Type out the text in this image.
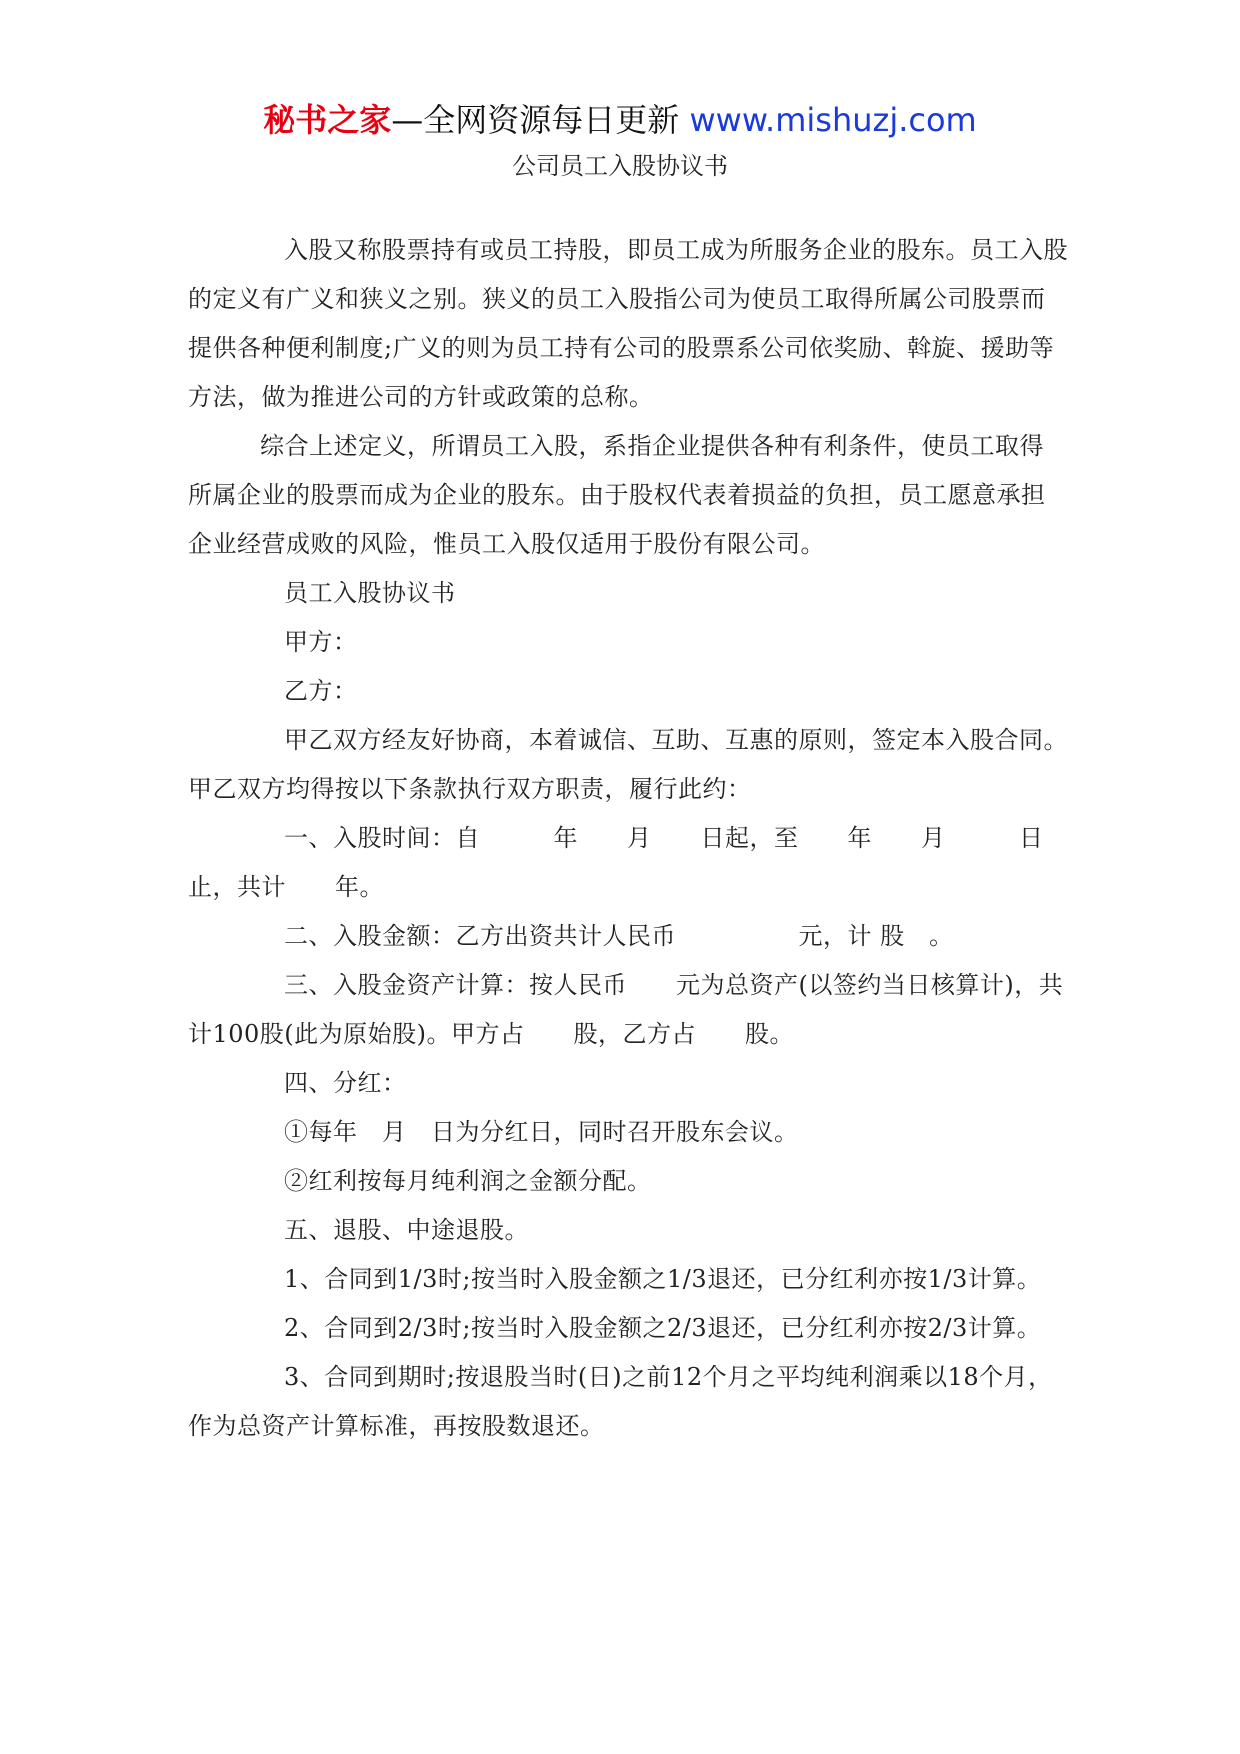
秘书之家—全网资源每日更新 www.mishuzj.com
公司员工入股协议书

入股又称股票持有或员工持股，即员工成为所服务企业的股东。员工入股的定义有广义和狭义之别。狭义的员工入股指公司为使员工取得所属公司股票而提供各种便利制度;广义的则为员工持有公司的股票系公司依奖励、斡旋、援助等方法，做为推进公司的方针或政策的总称。

综合上述定义，所谓员工入股，系指企业提供各种有利条件，使员工取得所属企业的股票而成为企业的股东。由于股权代表着损益的负担，员工愿意承担企业经营成败的风险，惟员工入股仅适用于股份有限公司。

员工入股协议书

甲方：

乙方：

甲乙双方经友好协商，本着诚信、互助、互惠的原则，签定本入股合同。甲乙双方均得按以下条款执行双方职责，履行此约：

一、入股时间：自　　　年　　月　　日起，至　　年　　月　　　日止，共计　　年。

二、入股金额：乙方出资共计人民币　　　　　元，计 股　。

三、入股金资产计算：按人民币　　元为总资产(以签约当日核算计)，共计100股(此为原始股)。甲方占　　股，乙方占　　股。

四、分红：

①每年　月　日为分红日，同时召开股东会议。

②红利按每月纯利润之金额分配。

五、退股、中途退股。

1、合同到1/3时;按当时入股金额之1/3退还，已分红利亦按1/3计算。

2、合同到2/3时;按当时入股金额之2/3退还，已分红利亦按2/3计算。

3、合同到期时;按退股当时(日)之前12个月之平均纯利润乘以18个月，作为总资产计算标准，再按股数退还。
